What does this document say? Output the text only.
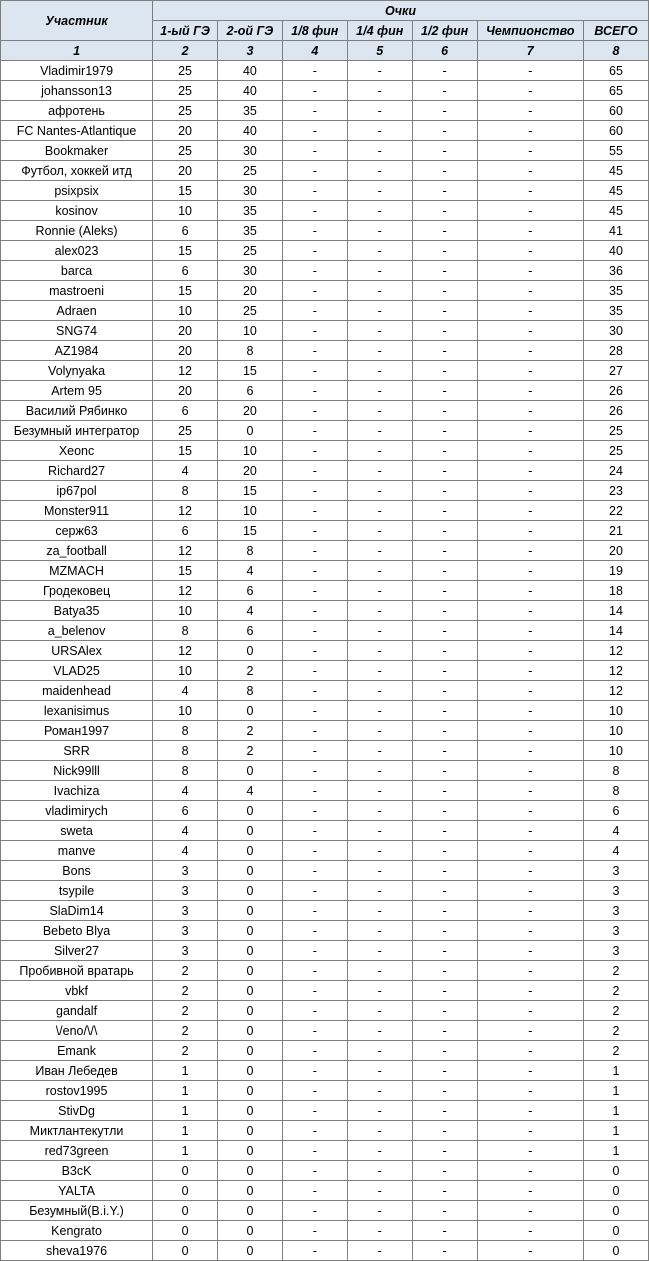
Участник	Очки						
	1-ый ГЭ	2-ой ГЭ	1/8 фин	1/4 фин	1/2 фин	Чемпионство	ВСЕГО
1	2	3	4	5	6	7	8
Vladimir1979	25	40	-	-	-	-	65
johansson13	25	40	-	-	-	-	65
афротень	25	35	-	-	-	-	60
FC Nantes-Atlantique	20	40	-	-	-	-	60
Bookmaker	25	30	-	-	-	-	55
Футбол, хоккей итд	20	25	-	-	-	-	45
psixpsix	15	30	-	-	-	-	45
kosinov	10	35	-	-	-	-	45
Ronnie (Aleks)	6	35	-	-	-	-	41
alex023	15	25	-	-	-	-	40
barca	6	30	-	-	-	-	36
mastroeni	15	20	-	-	-	-	35
Adraen	10	25	-	-	-	-	35
SNG74	20	10	-	-	-	-	30
AZ1984	20	8	-	-	-	-	28
Volynyaka	12	15	-	-	-	-	27
Artem 95	20	6	-	-	-	-	26
Василий Рябинко	6	20	-	-	-	-	26
Безумный интегратор	25	0	-	-	-	-	25
Xeonc	15	10	-	-	-	-	25
Richard27	4	20	-	-	-	-	24
ip67pol	8	15	-	-	-	-	23
Monster911	12	10	-	-	-	-	22
серж63	6	15	-	-	-	-	21
za_football	12	8	-	-	-	-	20
MZMACH	15	4	-	-	-	-	19
Гродековец	12	6	-	-	-	-	18
Batya35	10	4	-	-	-	-	14
a_belenov	8	6	-	-	-	-	14
URSAlex	12	0	-	-	-	-	12
VLAD25	10	2	-	-	-	-	12
maidenhead	4	8	-	-	-	-	12
lexanisimus	10	0	-	-	-	-	10
Роман1997	8	2	-	-	-	-	10
SRR	8	2	-	-	-	-	10
Nick99lll	8	0	-	-	-	-	8
Ivachiza	4	4	-	-	-	-	8
vladimirych	6	0	-	-	-	-	6
sweta	4	0	-	-	-	-	4
manve	4	0	-	-	-	-	4
Bons	3	0	-	-	-	-	3
tsypile	3	0	-	-	-	-	3
SlaDim14	3	0	-	-	-	-	3
Bebeto Blya	3	0	-	-	-	-	3
Silver27	3	0	-	-	-	-	3
Пробивной вратарь	2	0	-	-	-	-	2
vbkf	2	0	-	-	-	-	2
gandalf	2	0	-	-	-	-	2
\/eno/\/\	2	0	-	-	-	-	2
Emank	2	0	-	-	-	-	2
Иван Лебедев	1	0	-	-	-	-	1
rostov1995	1	0	-	-	-	-	1
StivDg	1	0	-	-	-	-	1
Миктлантекутли	1	0	-	-	-	-	1
red73green	1	0	-	-	-	-	1
B3cK	0	0	-	-	-	-	0
YALTA	0	0	-	-	-	-	0
Безумный(B.i.Y.)	0	0	-	-	-	-	0
Kengrato	0	0	-	-	-	-	0
sheva1976	0	0	-	-	-	-	0
